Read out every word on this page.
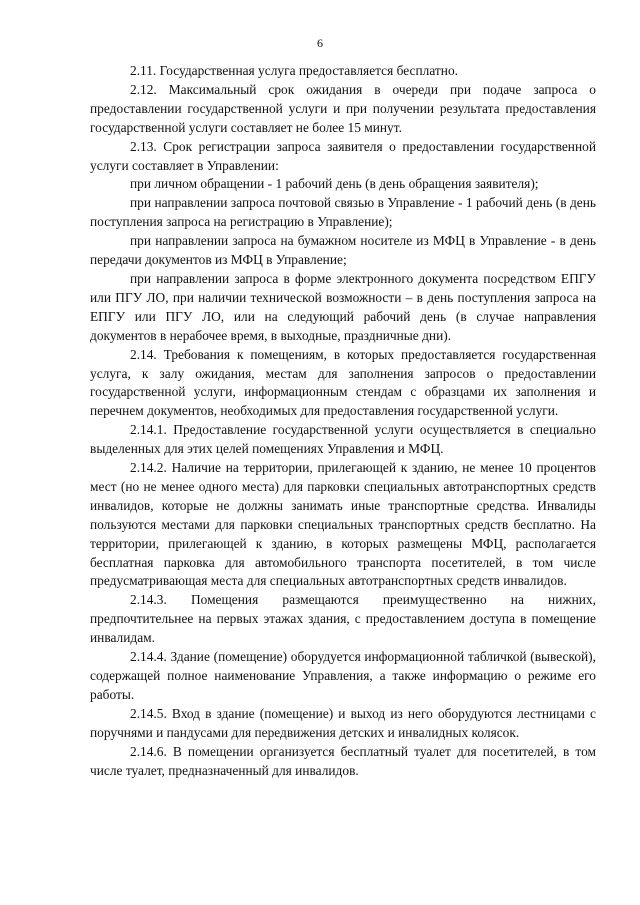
6

2.11. Государственная услуга предоставляется бесплатно.

2.12. Максимальный срок ожидания в очереди при подаче запроса о предоставлении государственной услуги и при получении результата предоставления государственной услуги составляет не более 15 минут.

2.13. Срок регистрации запроса заявителя о предоставлении государственной услуги составляет в Управлении:

при личном обращении - 1 рабочий день (в день обращения заявителя);

при направлении запроса почтовой связью в Управление - 1 рабочий день (в день поступления запроса на регистрацию в Управление);

при направлении запроса на бумажном носителе из МФЦ в Управление - в день передачи документов из МФЦ в Управление;

при направлении запроса в форме электронного документа посредством ЕПГУ или ПГУ ЛО, при наличии технической возможности – в день поступления запроса на ЕПГУ или ПГУ ЛО, или на следующий рабочий день (в случае направления документов в нерабочее время, в выходные, праздничные дни).

2.14. Требования к помещениям, в которых предоставляется государственная услуга, к залу ожидания, местам для заполнения запросов о предоставлении государственной услуги, информационным стендам с образцами их заполнения и перечнем документов, необходимых для предоставления государственной услуги.

2.14.1. Предоставление государственной услуги осуществляется в специально выделенных для этих целей помещениях Управления и МФЦ.

2.14.2. Наличие на территории, прилегающей к зданию, не менее 10 процентов мест (но не менее одного места) для парковки специальных автотранспортных средств инвалидов, которые не должны занимать иные транспортные средства. Инвалиды пользуются местами для парковки специальных транспортных средств бесплатно. На территории, прилегающей к зданию, в которых размещены МФЦ, располагается бесплатная парковка для автомобильного транспорта посетителей, в том числе предусматривающая места для специальных автотранспортных средств инвалидов.

2.14.3. Помещения размещаются преимущественно на нижних, предпочтительнее на первых этажах здания, с предоставлением доступа в помещение инвалидам.

2.14.4. Здание (помещение) оборудуется информационной табличкой (вывеской), содержащей полное наименование Управления, а также информацию о режиме его работы.

2.14.5. Вход в здание (помещение) и выход из него оборудуются лестницами с поручнями и пандусами для передвижения детских и инвалидных колясок.

2.14.6. В помещении организуется бесплатный туалет для посетителей, в том числе туалет, предназначенный для инвалидов.
